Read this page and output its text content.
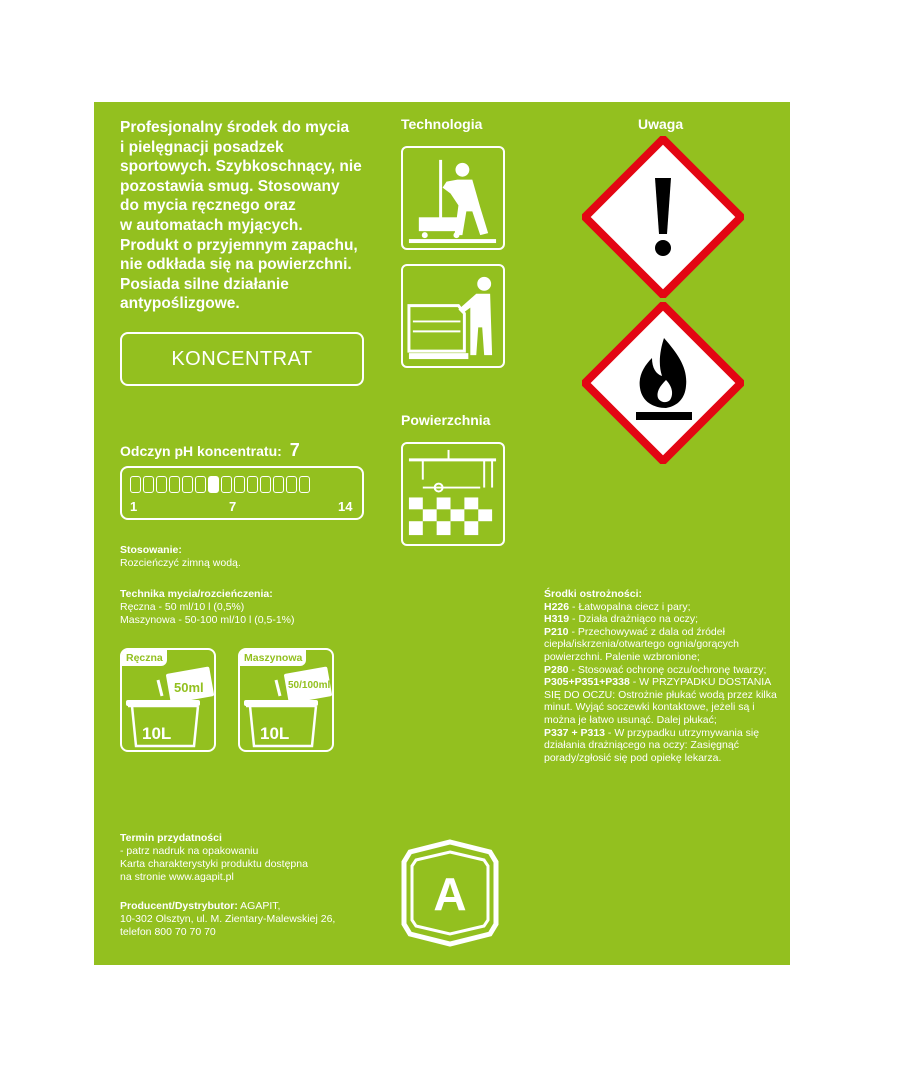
Profesjonalny środek do mycia
i pielęgnacji posadzek
sportowych. Szybkoschnący, nie
pozostawia smug. Stosowany
do mycia ręcznego oraz
w automatach myjących.
Produkt o przyjemnym zapachu,
nie odkłada się na powierzchni.
Posiada silne działanie
antypoślizgowe.
KONCENTRAT
Odczyn pH koncentratu: 7
1	7	14
Stosowanie:
Rozcieńczyć zimną wodą.
Technika mycia/rozcieńczenia:
Ręczna - 50 ml/10 l (0,5%)
Maszynowa - 50-100 ml/10 l (0,5-1%)
Ręczna
50ml
10L
Maszynowa
50/100ml
10L
Termin przydatności
- patrz nadruk na opakowaniu
Karta charakterystyki produktu dostępna
na stronie www.agapit.pl
Producent/Dystrybutor: AGAPIT,
10-302 Olsztyn, ul. M. Zientary-Malewskiej 26,
telefon 800 70 70 70
Technologia
Powierzchnia
Uwaga
Środki ostrożności:
H226 - Łatwopalna ciecz i pary;
H319 - Działa drażniąco na oczy;
P210 - Przechowywać z dala od źródeł ciepła/iskrzenia/otwartego ognia/gorących powierzchni. Palenie wzbronione;
P280 - Stosować ochronę oczu/ochronę twarzy;
P305+P351+P338 - W PRZYPADKU DOSTANIA SIĘ DO OCZU: Ostrożnie płukać wodą przez kilka minut. Wyjąć soczewki kontaktowe, jeżeli są i można je łatwo usunąć. Dalej płukać;
P337 + P313 - W przypadku utrzymywania się działania drażniącego na oczy: Zasięgnąć porady/zgłosić się pod opiekę lekarza.
A
